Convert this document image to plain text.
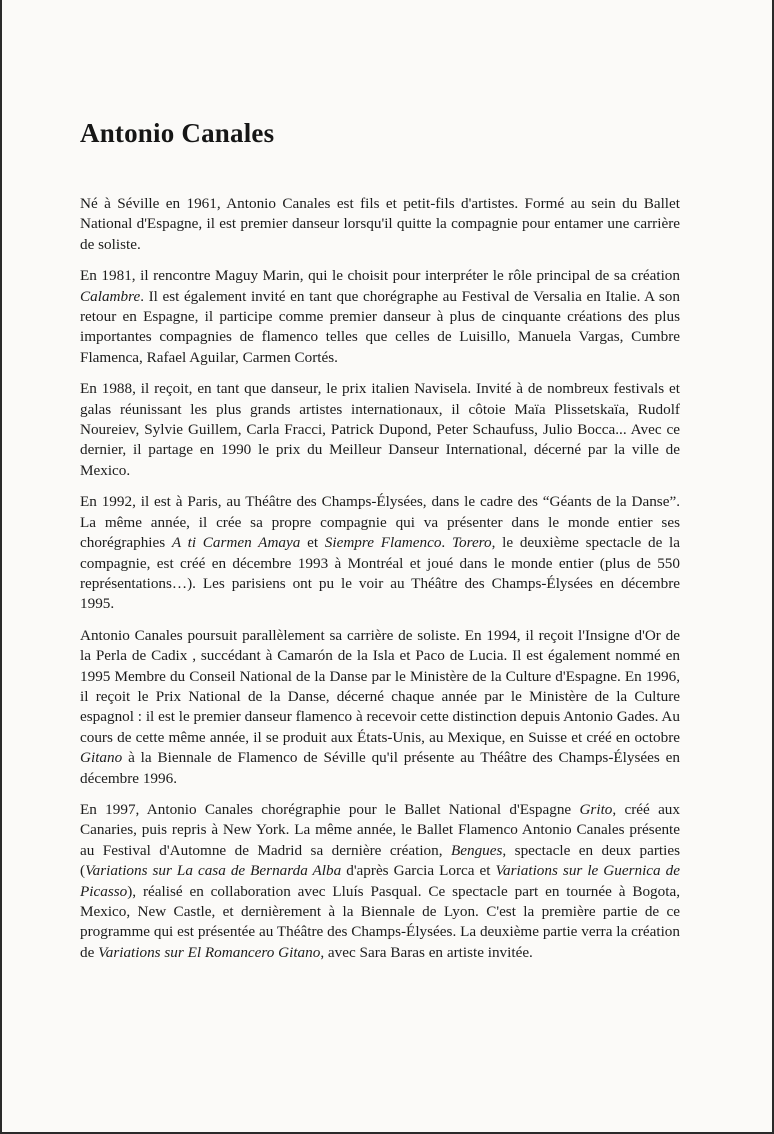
Antonio Canales

Né à Séville en 1961, Antonio Canales est fils et petit-fils d'artistes. Formé au sein du Ballet National d'Espagne, il est premier danseur lorsqu'il quitte la compagnie pour entamer une carrière de soliste.

En 1981, il rencontre Maguy Marin, qui le choisit pour interpréter le rôle principal de sa création Calambre. Il est également invité en tant que chorégraphe au Festival de Versalia en Italie. A son retour en Espagne, il participe comme premier danseur à plus de cinquante créations des plus importantes compagnies de flamenco telles que celles de Luisillo, Manuela Vargas, Cumbre Flamenca, Rafael Aguilar, Carmen Cortés.

En 1988, il reçoit, en tant que danseur, le prix italien Navisela. Invité à de nombreux festivals et galas réunissant les plus grands artistes internationaux, il côtoie Maïa Plissetskaïa, Rudolf Noureiev, Sylvie Guillem, Carla Fracci, Patrick Dupond, Peter Schaufuss, Julio Bocca... Avec ce dernier, il partage en 1990 le prix du Meilleur Danseur International, décerné par la ville de Mexico.

En 1992, il est à Paris, au Théâtre des Champs-Élysées, dans le cadre des “Géants de la Danse”. La même année, il crée sa propre compagnie qui va présenter dans le monde entier ses chorégraphies A ti Carmen Amaya et Siempre Flamenco. Torero, le deuxième spectacle de la compagnie, est créé en décembre 1993 à Montréal et joué dans le monde entier (plus de 550 représentations…). Les parisiens ont pu le voir au Théâtre des Champs-Élysées en décembre 1995.

Antonio Canales poursuit parallèlement sa carrière de soliste. En 1994, il reçoit l'Insigne d'Or de la Perla de Cadix , succédant à Camarón de la Isla et Paco de Lucia. Il est également nommé en 1995 Membre du Conseil National de la Danse par le Ministère de la Culture d'Espagne. En 1996, il reçoit le Prix National de la Danse, décerné chaque année par le Ministère de la Culture espagnol : il est le premier danseur flamenco à recevoir cette distinction depuis Antonio Gades. Au cours de cette même année, il se produit aux États-Unis, au Mexique, en Suisse et créé en octobre Gitano à la Biennale de Flamenco de Séville qu'il présente au Théâtre des Champs-Élysées en décembre 1996.

En 1997, Antonio Canales chorégraphie pour le Ballet National d'Espagne Grito, créé aux Canaries, puis repris à New York. La même année, le Ballet Flamenco Antonio Canales présente au Festival d'Automne de Madrid sa dernière création, Bengues, spectacle en deux parties (Variations sur La casa de Bernarda Alba d'après Garcia Lorca et Variations sur le Guernica de Picasso), réalisé en collaboration avec Lluís Pasqual. Ce spectacle part en tournée à Bogota, Mexico, New Castle, et dernièrement à la Biennale de Lyon. C'est la première partie de ce programme qui est présentée au Théâtre des Champs-Élysées. La deuxième partie verra la création de Variations sur El Romancero Gitano, avec Sara Baras en artiste invitée.
